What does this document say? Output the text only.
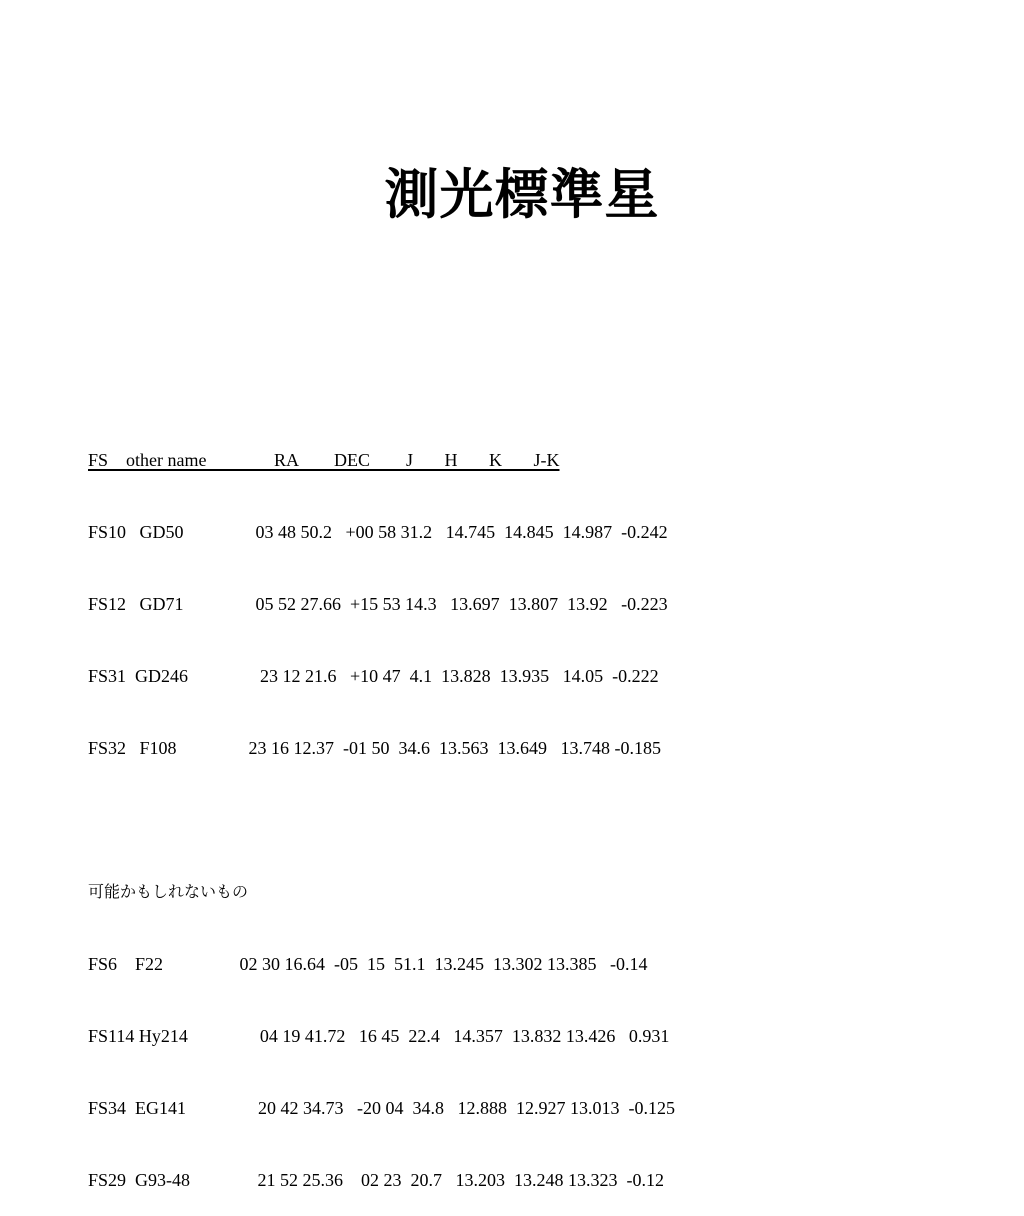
測光標準星

FS    other name               RA        DEC        J       H       K       J-K

FS10   GD50                03 48 50.2   +00 58 31.2   14.745  14.845  14.987  -0.242

FS12   GD71                05 52 27.66  +15 53 14.3   13.697  13.807  13.92   -0.223

FS31  GD246                23 12 21.6   +10 47  4.1  13.828  13.935   14.05  -0.222

FS32   F108                23 16 12.37  -01 50  34.6  13.563  13.649   13.748 -0.185

可能かもしれないもの

FS6    F22                 02 30 16.64  -05  15  51.1  13.245  13.302 13.385   -0.14

FS114 Hy214                04 19 41.72   16 45  22.4   14.357  13.832 13.426   0.931

FS34  EG141                20 42 34.73   -20 04  34.8   12.888  12.927 13.013  -0.125

FS29  G93-48               21 52 25.36    02 23  20.7   13.203  13.248 13.323  -0.12
